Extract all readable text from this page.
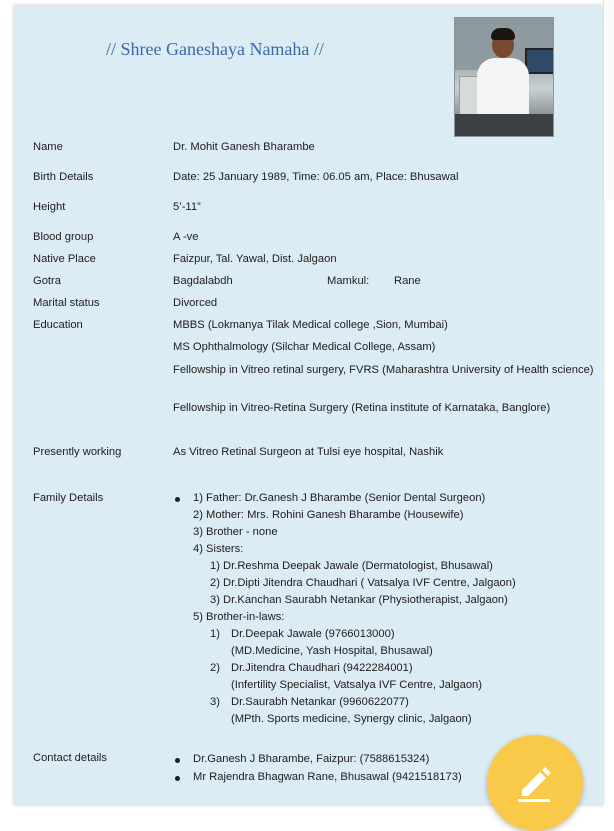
// Shree Ganeshaya Namaha //
Name	Dr. Mohit Ganesh Bharambe
Birth Details	Date: 25 January 1989, Time: 06.05 am, Place: Bhusawal
Height	5’-11”
Blood group	A -ve
Native Place	Faizpur, Tal. Yawal, Dist. Jalgaon
Gotra	Bagdalabdh	Mamkul: Rane
Marital status	Divorced
Education	MBBS (Lokmanya Tilak Medical college ,Sion, Mumbai)
MS Ophthalmology (Silchar Medical College, Assam)
Fellowship in Vitreo retinal surgery, FVRS (Maharashtra University of Health science)
Fellowship in Vitreo-Retina Surgery (Retina institute of Karnataka, Banglore)
Presently working	As Vitreo Retinal Surgeon at Tulsi eye hospital, Nashik
Family Details	1) Father: Dr.Ganesh J Bharambe (Senior Dental Surgeon)
2) Mother: Mrs. Rohini Ganesh Bharambe (Housewife)
3) Brother - none
4) Sisters:
1) Dr.Reshma Deepak Jawale (Dermatologist, Bhusawal)
2) Dr.Dipti Jitendra Chaudhari ( Vatsalya IVF Centre, Jalgaon)
3) Dr.Kanchan Saurabh Netankar (Physiotherapist, Jalgaon)
5) Brother-in-laws:
1) Dr.Deepak Jawale (9766013000)
(MD.Medicine, Yash Hospital, Bhusawal)
2) Dr.Jitendra Chaudhari (9422284001)
(Infertility Specialist, Vatsalya IVF Centre, Jalgaon)
3) Dr.Saurabh Netankar (9960622077)
(MPth. Sports medicine, Synergy clinic, Jalgaon)
Contact details	Dr.Ganesh J Bharambe, Faizpur: (7588615324)
Mr Rajendra Bhagwan Rane, Bhusawal (9421518173)
